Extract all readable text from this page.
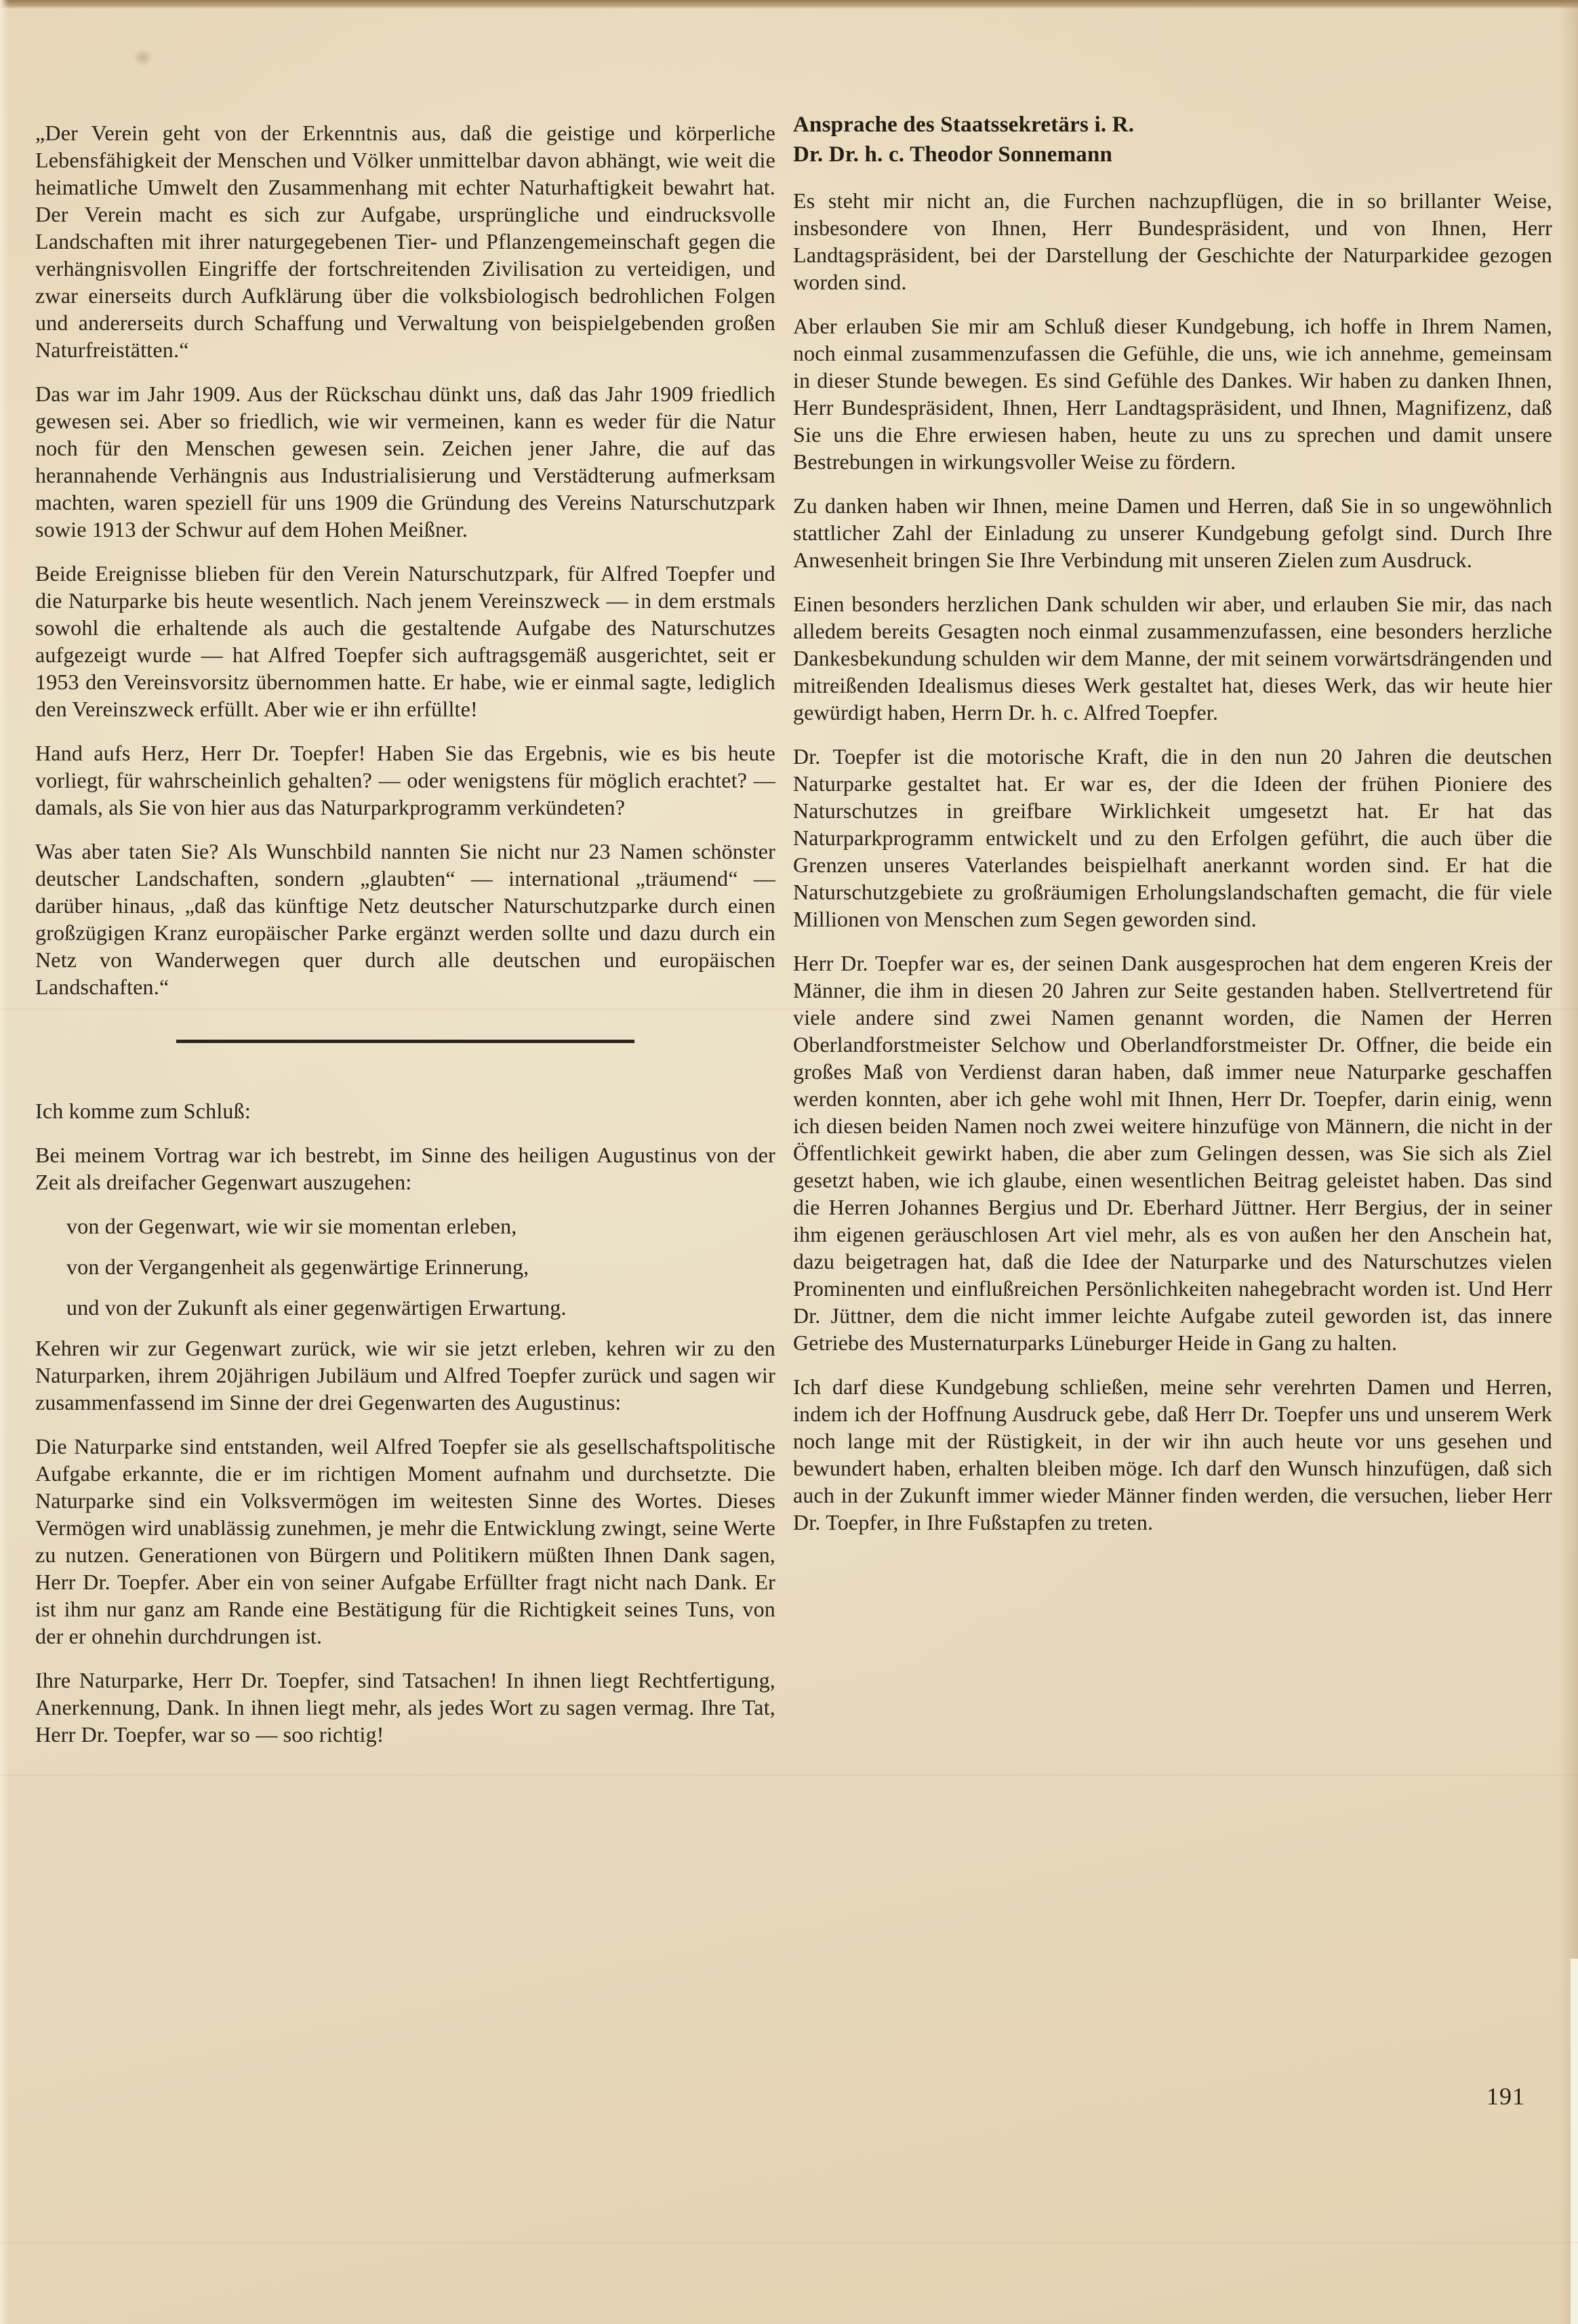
„Der Verein geht von der Erkenntnis aus, daß die geistige und körperliche Lebensfähigkeit der Menschen und Völker unmittelbar davon abhängt, wie weit die heimatliche Umwelt den Zusammenhang mit echter Naturhaftigkeit bewahrt hat. Der Verein macht es sich zur Aufgabe, ursprüngliche und eindrucksvolle Landschaften mit ihrer naturgegebenen Tier- und Pflanzengemeinschaft gegen die verhängnisvollen Eingriffe der fortschreitenden Zivilisation zu verteidigen, und zwar einerseits durch Aufklärung über die volksbiologisch bedrohlichen Folgen und andererseits durch Schaffung und Verwaltung von beispielgebenden großen Naturfreistätten.“

Das war im Jahr 1909. Aus der Rückschau dünkt uns, daß das Jahr 1909 friedlich gewesen sei. Aber so friedlich, wie wir vermeinen, kann es weder für die Natur noch für den Menschen gewesen sein. Zeichen jener Jahre, die auf das herannahende Verhängnis aus Industrialisierung und Verstädterung aufmerksam machten, waren speziell für uns 1909 die Gründung des Vereins Naturschutzpark sowie 1913 der Schwur auf dem Hohen Meißner.

Beide Ereignisse blieben für den Verein Naturschutzpark, für Alfred Toepfer und die Naturparke bis heute wesentlich. Nach jenem Vereinszweck — in dem erstmals sowohl die erhaltende als auch die gestaltende Aufgabe des Naturschutzes aufgezeigt wurde — hat Alfred Toepfer sich auftragsgemäß ausgerichtet, seit er 1953 den Vereinsvorsitz übernommen hatte. Er habe, wie er einmal sagte, lediglich den Vereinszweck erfüllt. Aber wie er ihn erfüllte!

Hand aufs Herz, Herr Dr. Toepfer! Haben Sie das Ergebnis, wie es bis heute vorliegt, für wahrscheinlich gehalten? — oder wenigstens für möglich erachtet? — damals, als Sie von hier aus das Naturparkprogramm verkündeten?

Was aber taten Sie? Als Wunschbild nannten Sie nicht nur 23 Namen schönster deutscher Landschaften, sondern „glaubten“ — international „träumend“ — darüber hinaus, „daß das künftige Netz deutscher Naturschutzparke durch einen großzügigen Kranz europäischer Parke ergänzt werden sollte und dazu durch ein Netz von Wanderwegen quer durch alle deutschen und europäischen Landschaften.“

Ich komme zum Schluß:

Bei meinem Vortrag war ich bestrebt, im Sinne des heiligen Augustinus von der Zeit als dreifacher Gegenwart auszugehen:

von der Gegenwart, wie wir sie momentan erleben,

von der Vergangenheit als gegenwärtige Erinnerung,

und von der Zukunft als einer gegenwärtigen Erwartung.

Kehren wir zur Gegenwart zurück, wie wir sie jetzt erleben, kehren wir zu den Naturparken, ihrem 20jährigen Jubiläum und Alfred Toepfer zurück und sagen wir zusammenfassend im Sinne der drei Gegenwarten des Augustinus:

Die Naturparke sind entstanden, weil Alfred Toepfer sie als gesellschaftspolitische Aufgabe erkannte, die er im richtigen Moment aufnahm und durchsetzte. Die Naturparke sind ein Volksvermögen im weitesten Sinne des Wortes. Dieses Vermögen wird unablässig zunehmen, je mehr die Entwicklung zwingt, seine Werte zu nutzen. Generationen von Bürgern und Politikern müßten Ihnen Dank sagen, Herr Dr. Toepfer. Aber ein von seiner Aufgabe Erfüllter fragt nicht nach Dank. Er ist ihm nur ganz am Rande eine Bestätigung für die Richtigkeit seines Tuns, von der er ohnehin durchdrungen ist.

Ihre Naturparke, Herr Dr. Toepfer, sind Tatsachen! In ihnen liegt Rechtfertigung, Anerkennung, Dank. In ihnen liegt mehr, als jedes Wort zu sagen vermag. Ihre Tat, Herr Dr. Toepfer, war so — soo richtig!

Ansprache des Staatssekretärs i. R.
Dr. Dr. h. c. Theodor Sonnemann

Es steht mir nicht an, die Furchen nachzupflügen, die in so brillanter Weise, insbesondere von Ihnen, Herr Bundespräsident, und von Ihnen, Herr Landtagspräsident, bei der Darstellung der Geschichte der Naturparkidee gezogen worden sind.

Aber erlauben Sie mir am Schluß dieser Kundgebung, ich hoffe in Ihrem Namen, noch einmal zusammenzufassen die Gefühle, die uns, wie ich annehme, gemeinsam in dieser Stunde bewegen. Es sind Gefühle des Dankes. Wir haben zu danken Ihnen, Herr Bundespräsident, Ihnen, Herr Landtagspräsident, und Ihnen, Magnifizenz, daß Sie uns die Ehre erwiesen haben, heute zu uns zu sprechen und damit unsere Bestrebungen in wirkungsvoller Weise zu fördern.

Zu danken haben wir Ihnen, meine Damen und Herren, daß Sie in so ungewöhnlich stattlicher Zahl der Einladung zu unserer Kundgebung gefolgt sind. Durch Ihre Anwesenheit bringen Sie Ihre Verbindung mit unseren Zielen zum Ausdruck.

Einen besonders herzlichen Dank schulden wir aber, und erlauben Sie mir, das nach alledem bereits Gesagten noch einmal zusammenzufassen, eine besonders herzliche Dankesbekundung schulden wir dem Manne, der mit seinem vorwärtsdrängenden und mitreißenden Idealismus dieses Werk gestaltet hat, dieses Werk, das wir heute hier gewürdigt haben, Herrn Dr. h. c. Alfred Toepfer.

Dr. Toepfer ist die motorische Kraft, die in den nun 20 Jahren die deutschen Naturparke gestaltet hat. Er war es, der die Ideen der frühen Pioniere des Naturschutzes in greifbare Wirklichkeit umgesetzt hat. Er hat das Naturparkprogramm entwickelt und zu den Erfolgen geführt, die auch über die Grenzen unseres Vaterlandes beispielhaft anerkannt worden sind. Er hat die Naturschutzgebiete zu großräumigen Erholungslandschaften gemacht, die für viele Millionen von Menschen zum Segen geworden sind.

Herr Dr. Toepfer war es, der seinen Dank ausgesprochen hat dem engeren Kreis der Männer, die ihm in diesen 20 Jahren zur Seite gestanden haben. Stellvertretend für viele andere sind zwei Namen genannt worden, die Namen der Herren Oberlandforstmeister Selchow und Oberlandforstmeister Dr. Offner, die beide ein großes Maß von Verdienst daran haben, daß immer neue Naturparke geschaffen werden konnten, aber ich gehe wohl mit Ihnen, Herr Dr. Toepfer, darin einig, wenn ich diesen beiden Namen noch zwei weitere hinzufüge von Männern, die nicht in der Öffentlichkeit gewirkt haben, die aber zum Gelingen dessen, was Sie sich als Ziel gesetzt haben, wie ich glaube, einen wesentlichen Beitrag geleistet haben. Das sind die Herren Johannes Bergius und Dr. Eberhard Jüttner. Herr Bergius, der in seiner ihm eigenen geräuschlosen Art viel mehr, als es von außen her den Anschein hat, dazu beigetragen hat, daß die Idee der Naturparke und des Naturschutzes vielen Prominenten und einflußreichen Persönlichkeiten nahegebracht worden ist. Und Herr Dr. Jüttner, dem die nicht immer leichte Aufgabe zuteil geworden ist, das innere Getriebe des Musternaturparks Lüneburger Heide in Gang zu halten.

Ich darf diese Kundgebung schließen, meine sehr verehrten Damen und Herren, indem ich der Hoffnung Ausdruck gebe, daß Herr Dr. Toepfer uns und unserem Werk noch lange mit der Rüstigkeit, in der wir ihn auch heute vor uns gesehen und bewundert haben, erhalten bleiben möge. Ich darf den Wunsch hinzufügen, daß sich auch in der Zukunft immer wieder Männer finden werden, die versuchen, lieber Herr Dr. Toepfer, in Ihre Fußstapfen zu treten.

191
